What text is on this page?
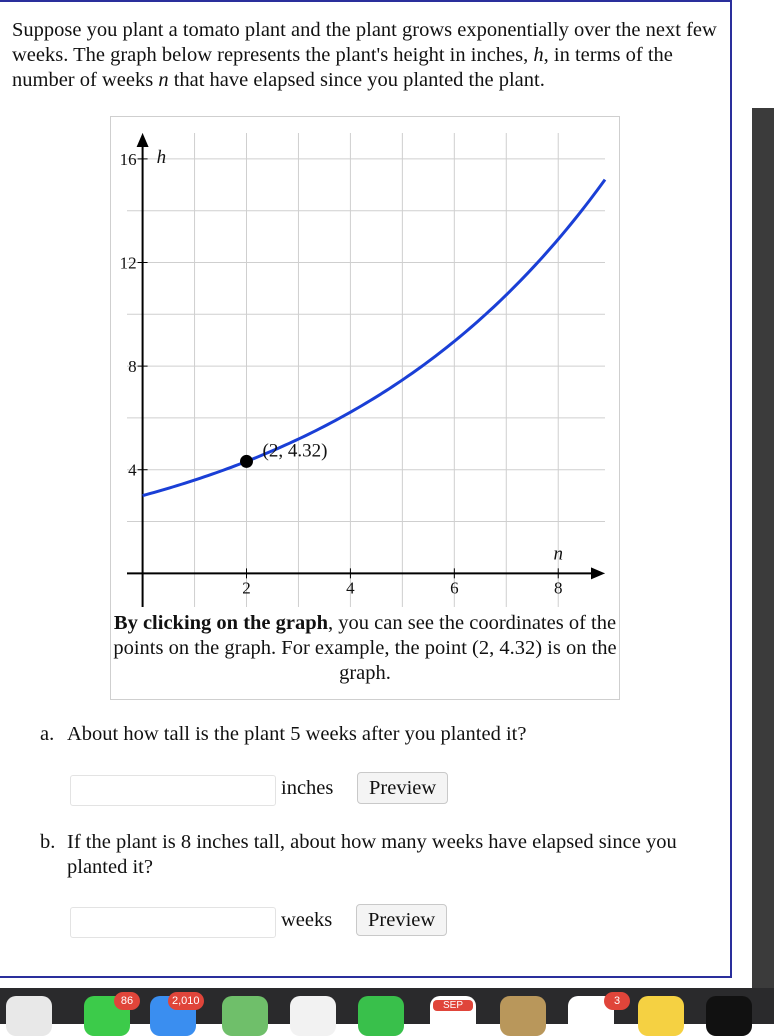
Suppose you plant a tomato plant and the plant grows exponentially over the next few weeks. The graph below represents the plant's height in inches, h, in terms of the number of weeks n that have elapsed since you planted the plant.

2	4	6	8
4
8
12
16 h
n
(2, 4.32)
By clicking on the graph, you can see the coordinates of the points on the graph. For example, the point (2, 4.32) is on the graph.
a. About how tall is the plant 5 weeks after you planted it?
inches	Preview
b. If the plant is 8 inches tall, about how many weeks have elapsed since you planted it?
weeks	Preview
86	2,010	SEP	3
